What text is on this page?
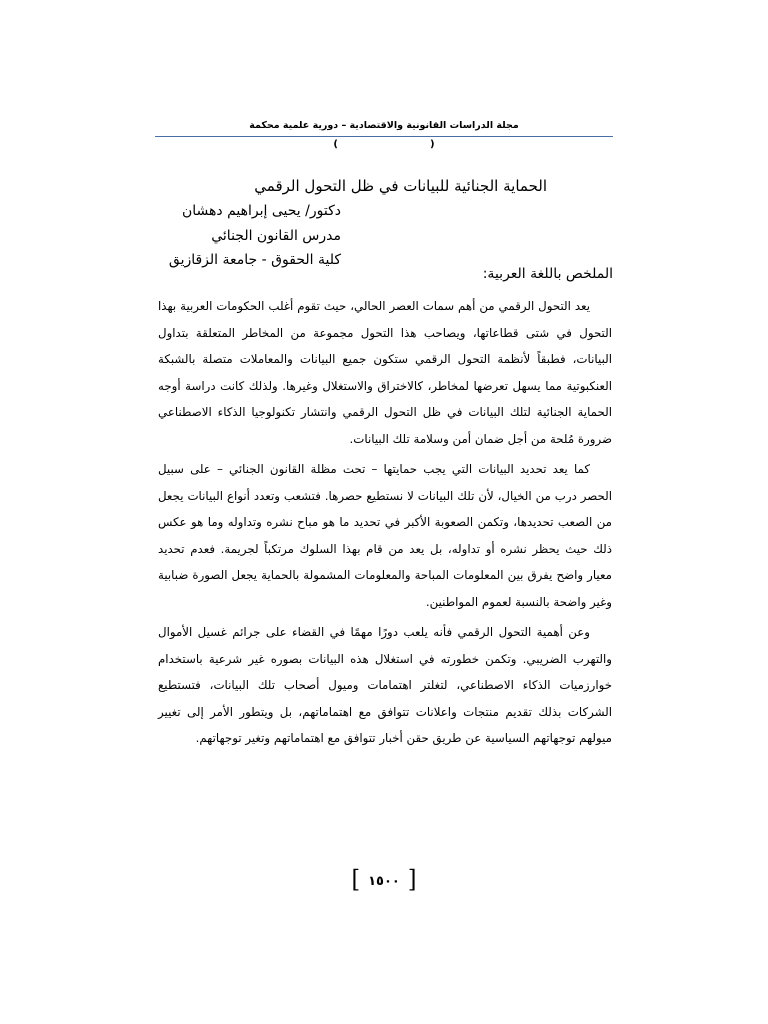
مجلة الدراسات القانونية والاقتصادية – دورية علمية محكمة
(	)
الحماية الجنائية للبيانات في ظل التحول الرقمي
دكتور/ يحيى إبراهيم دهشان
مدرس القانون الجنائي
كلية الحقوق - جامعة الزقازيق
الملخص باللغة العربية:

يعد التحول الرقمي من أهم سمات العصر الحالي، حيث تقوم أغلب الحكومات العربية بهذا التحول في شتى قطاعاتها، ويصاحب هذا التحول مجموعة من المخاطر المتعلقة بتداول البيانات، فطبقاً لأنظمة التحول الرقمي ستكون جميع البيانات والمعاملات متصلة بالشبكة العنكبوتية مما يسهل تعرضها لمخاطر، كالاختراق والاستغلال وغيرها. ولذلك كانت دراسة أوجه الحماية الجنائية لتلك البيانات في ظل التحول الرقمي وانتشار تكنولوجيا الذكاء الاصطناعي ضرورة مُلحة من أجل ضمان أمن وسلامة تلك البيانات.

كما يعد تحديد البيانات التي يجب حمايتها – تحت مظلة القانون الجنائي – على سبيل الحصر درب من الخيال، لأن تلك البيانات لا نستطيع حصرها. فتشعب وتعدد أنواع البيانات يجعل من الصعب تحديدها، وتكمن الصعوبة الأكبر في تحديد ما هو مباح نشره وتداوله وما هو عكس ذلك حيث يحظر نشره أو تداوله، بل يعد من قام بهذا السلوك مرتكباً لجريمة. فعدم تحديد معيار واضح يفرق بين المعلومات المباحة والمعلومات المشمولة بالحماية يجعل الصورة ضبابية وغير واضحة بالنسبة لعموم المواطنين.

وعن أهمية التحول الرقمي فأنه يلعب دورًا مهمًا في القضاء على جرائم غسيل الأموال والتهرب الضريبي. وتكمن خطورته في استغلال هذه البيانات بصوره غير شرعية باستخدام خوارزميات الذكاء الاصطناعي، لتغلتر اهتمامات وميول أصحاب تلك البيانات، فتستطيع الشركات بذلك تقديم منتجات واعلانات تتوافق مع اهتماماتهم، بل ويتطور الأمر إلى تغيير ميولهم توجهاتهم السياسية عن طريق حقن أخبار تتوافق مع اهتماماتهم وتغير توجهاتهم.

[ ١٥٠٠ ]
